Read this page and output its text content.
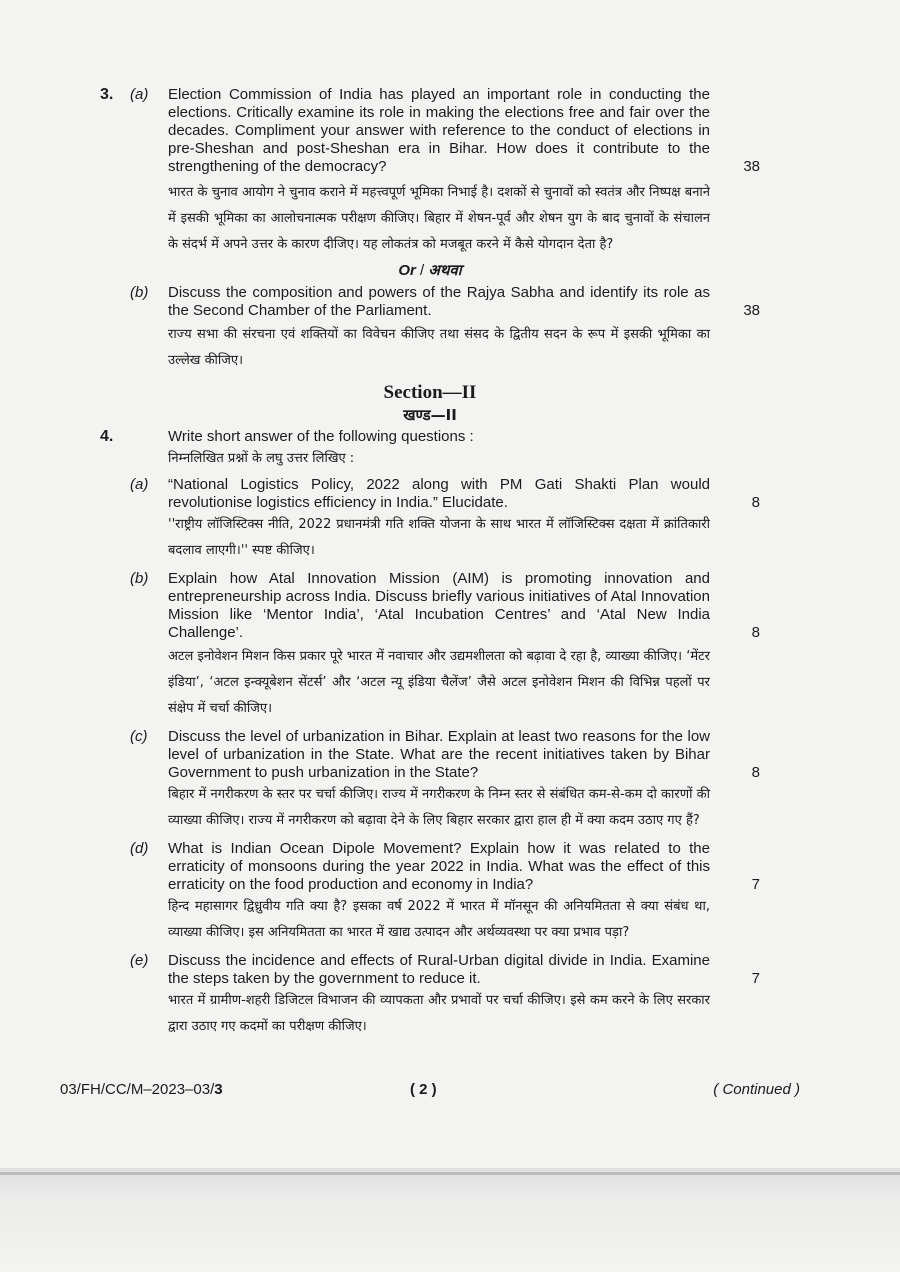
3. (a) Election Commission of India has played an important role in conducting the elections. Critically examine its role in making the elections free and fair over the decades. Compliment your answer with reference to the conduct of elections in pre-Sheshan and post-Sheshan era in Bihar. How does it contribute to the strengthening of the democracy?

भारत के चुनाव आयोग ने चुनाव कराने में महत्त्वपूर्ण भूमिका निभाई है। दशकों से चुनावों को स्वतंत्र और निष्पक्ष बनाने में इसकी भूमिका का आलोचनात्मक परीक्षण कीजिए। बिहार में शेषन-पूर्व और शेषन युग के बाद चुनावों के संचालन के संदर्भ में अपने उत्तर के कारण दीजिए। यह लोकतंत्र को मजबूत करने में कैसे योगदान देता है?

38

Or / अथवा

(b) Discuss the composition and powers of the Rajya Sabha and identify its role as the Second Chamber of the Parliament.

राज्य सभा की संरचना एवं शक्तियों का विवेचन कीजिए तथा संसद के द्वितीय सदन के रूप में इसकी भूमिका का उल्लेख कीजिए।

38

Section—II

खण्ड—II

4.	Write short answer of the following questions :

निम्नलिखित प्रश्नों के लघु उत्तर लिखिए :

(a) “National Logistics Policy, 2022 along with PM Gati Shakti Plan would revolutionise logistics efficiency in India.” Elucidate.

''राष्ट्रीय लॉजिस्टिक्स नीति, 2022 प्रधानमंत्री गति शक्ति योजना के साथ भारत में लॉजिस्टिक्स दक्षता में क्रांतिकारी बदलाव लाएगी।'' स्पष्ट कीजिए।

8
(b) Explain how Atal Innovation Mission (AIM) is promoting innovation and entrepreneurship across India. Discuss briefly various initiatives of Atal Innovation Mission like ‘Mentor India’, ‘Atal Incubation Centres’ and ‘Atal New India Challenge’.

अटल इनोवेशन मिशन किस प्रकार पूरे भारत में नवाचार और उद्यमशीलता को बढ़ावा दे रहा है, व्याख्या कीजिए। ‘मेंटर इंडिया’, ‘अटल इन्क्यूबेशन सेंटर्स’ और ‘अटल न्यू इंडिया चैलेंज’ जैसे अटल इनोवेशन मिशन की विभिन्न पहलों पर संक्षेप में चर्चा कीजिए।

8
(c) Discuss the level of urbanization in Bihar. Explain at least two reasons for the low level of urbanization in the State. What are the recent initiatives taken by Bihar Government to push urbanization in the State?

बिहार में नगरीकरण के स्तर पर चर्चा कीजिए। राज्य में नगरीकरण के निम्न स्तर से संबंधित कम-से-कम दो कारणों की व्याख्या कीजिए। राज्य में नगरीकरण को बढ़ावा देने के लिए बिहार सरकार द्वारा हाल ही में क्या कदम उठाए गए हैं?

8
(d) What is Indian Ocean Dipole Movement? Explain how it was related to the erraticity of monsoons during the year 2022 in India. What was the effect of this erraticity on the food production and economy in India?

हिन्द महासागर द्विध्रुवीय गति क्या है? इसका वर्ष 2022 में भारत में मॉनसून की अनियमितता से क्या संबंध था, व्याख्या कीजिए। इस अनियमितता का भारत में खाद्य उत्पादन और अर्थव्यवस्था पर क्या प्रभाव पड़ा?

7
(e) Discuss the incidence and effects of Rural-Urban digital divide in India. Examine the steps taken by the government to reduce it.

भारत में ग्रामीण-शहरी डिजिटल विभाजन की व्यापकता और प्रभावों पर चर्चा कीजिए। इसे कम करने के लिए सरकार द्वारा उठाए गए कदमों का परीक्षण कीजिए।

7
03/FH/CC/M–2023–03/3	( 2 )	( Continued )
